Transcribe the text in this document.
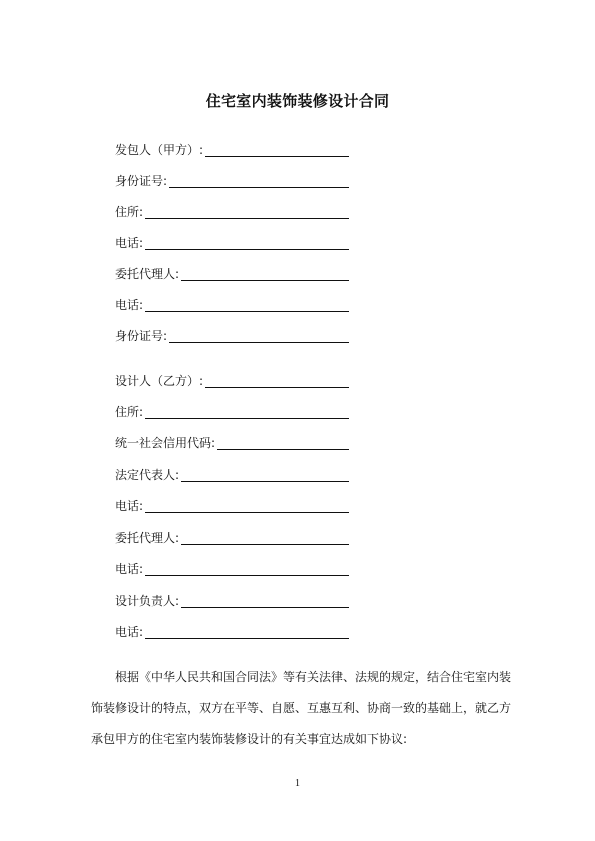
住宅室内装饰装修设计合同
发包人（甲方）:
身份证号:
住所:
电话:
委托代理人:
电话:
身份证号:
设计人（乙方）:
住所:
统一社会信用代码:
法定代表人:
电话:
委托代理人:
电话:
设计负责人:
电话:
根据《中华人民共和国合同法》等有关法律、法规的规定，结合住宅室内装
饰装修设计的特点，双方在平等、自愿、互惠互利、协商一致的基础上，就乙方
承包甲方的住宅室内装饰装修设计的有关事宜达成如下协议:
1
